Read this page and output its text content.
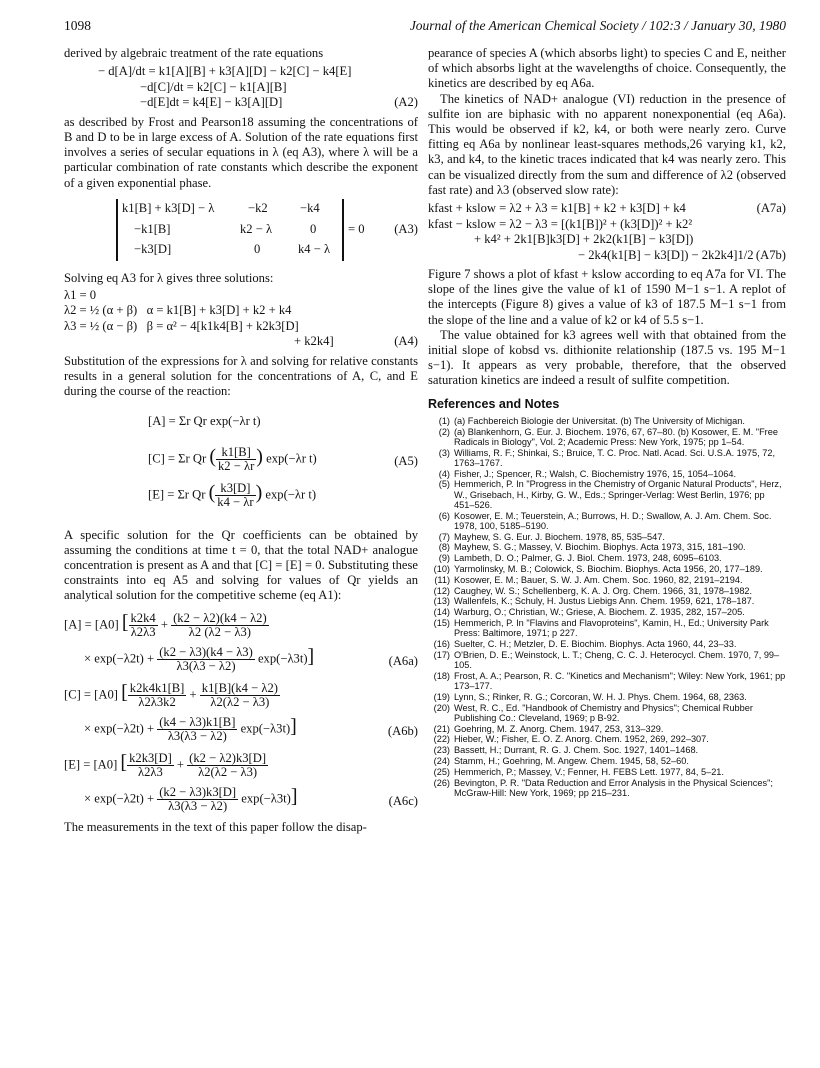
1098	Journal of the American Chemical Society / 102:3 / January 30, 1980

derived by algebraic treatment of the rate equations

− d[A]/dt = k1[A][B] + k3[A][D] − k2[C] − k4[E]
−d[C]/dt = k2[C] − k1[A][B]
−d[E]dt = k4[E] − k3[A][D]	(A2)

as described by Frost and Pearson18 assuming the concentrations of B and D to be in large excess of A. Solution of the rate equations first involves a series of secular equations in λ (eq A3), where λ will be a particular combination of rate constants which describe the exponent of a given exponential phase.

k1[B] + k3[D] − λ	−k2	−k4
−k1[B]	k2 − λ	0
−k3[D]	0	k4 − λ
= 0 (A3)

Solving eq A3 for λ gives three solutions:

λ1 = 0
λ2 = ½ (α + β)   α = k1[B] + k3[D] + k2 + k4
λ3 = ½ (α − β)   β = α² − 4[k1k4[B] + k2k3[D]
+ k2k4]	(A4)

Substitution of the expressions for λ and solving for relative constants results in a general solution for the concentrations of A, C, and E during the course of the reaction:

[A] = Σr Qr exp(−λr t)
[C] = Σr Qr ( $\frac{k1[B]}{k2 - \lambda r}$ ) exp(−λr t)	(A5)
[E] = Σr Qr ( $\frac{k3[D]}{k4 - \lambda r}$ ) exp(−λr t)

A specific solution for the Qr coefficients can be obtained by assuming the conditions at time t = 0, that the total NAD+ analogue concentration is present as A and that [C] = [E] = 0. Substituting these constraints into eq A5 and solving for values of Qr yields an analytical solution for the competitive scheme (eq A1):

[A] = [A0] [ $\frac{k2k4}{\lambda 2\lambda 3} + \frac{(k2 - \lambda 2)(k4 - \lambda 2)}{\lambda 2 (\lambda 2 - \lambda 3)}$
× $\exp(-\lambda 2t) + \frac{(k2 - \lambda 3)(k4 - \lambda 3)}{\lambda 3(\lambda 3 - \lambda 2)} \exp(-\lambda 3t)$]	(A6a)
[C] = [A0] [ $\frac{k2k4k1[B]}{\lambda 2\lambda 3k2} + \frac{k1[B](k4 - \lambda 2)}{\lambda 2(\lambda 2 - \lambda 3)}$
× $\exp(-\lambda 2t) + \frac{(k4 - \lambda 3)k1[B]}{\lambda 3(\lambda 3 - \lambda 2)} \exp(-\lambda 3t)$]	(A6b)
[E] = [A0] [ $\frac{k2k3[D]}{\lambda 2\lambda 3} + \frac{(k2 - \lambda 2)k3[D]}{\lambda 2(\lambda 2 - \lambda 3)}$
× $\exp(-\lambda 2t) + \frac{(k2 - \lambda 3)k3[D]}{\lambda 3(\lambda 3 - \lambda 2)} \exp(-\lambda 3t)$]	(A6c)

The measurements in the text of this paper follow the disap-

pearance of species A (which absorbs light) to species C and E, neither of which absorbs light at the wavelengths of choice. Consequently, the kinetics are described by eq A6a.

The kinetics of NAD+ analogue (VI) reduction in the presence of sulfite ion are biphasic with no apparent nonexponential (eq A6a). This would be observed if k2, k4, or both were nearly zero. Curve fitting eq A6a by nonlinear least-squares methods,26 varying k1, k2, k3, and k4, to the kinetic traces indicated that k4 was nearly zero. This can be visualized directly from the sum and difference of λ2 (observed fast rate) and λ3 (observed slow rate):

kfast + kslow = λ2 + λ3 = k1[B] + k2 + k3[D] + k4	(A7a)
kfast − kslow = λ2 − λ3 = [(k1[B])² + (k3[D])² + k2²
+ k4² + 2k1[B]k3[D] + 2k2(k1[B] − k3[D])
− 2k4(k1[B] − k3[D]) − 2k2k4]1/2 (A7b)

Figure 7 shows a plot of kfast + kslow according to eq A7a for VI. The slope of the lines give the value of k1 of 1590 M−1 s−1. A replot of the intercepts (Figure 8) gives a value of k3 of 187.5 M−1 s−1 from the slope of the line and a value of k2 or k4 of 5.5 s−1.

The value obtained for k3 agrees well with that obtained from the initial slope of kobsd vs. dithionite relationship (187.5 vs. 195 M−1 s−1). It appears as very probable, therefore, that the observed saturation kinetics are indeed a result of sulfite competition.

References and Notes
(1) (a) Fachbereich Biologie der Universitat. (b) The University of Michigan.
(2) (a) Blankenhorn, G. Eur. J. Biochem. 1976, 67, 67–80. (b) Kosower, E. M. "Free Radicals in Biology", Vol. 2; Academic Press: New York, 1975; pp 1–54.
(3) Williams, R. F.; Shinkai, S.; Bruice, T. C. Proc. Natl. Acad. Sci. U.S.A. 1975, 72, 1763–1767.
(4) Fisher, J.; Spencer, R.; Walsh, C. Biochemistry 1976, 15, 1054–1064.
(5) Hemmerich, P. In "Progress in the Chemistry of Organic Natural Products", Herz, W., Grisebach, H., Kirby, G. W., Eds.; Springer-Verlag: West Berlin, 1976; pp 451–526.
(6) Kosower, E. M.; Teuerstein, A.; Burrows, H. D.; Swallow, A. J. Am. Chem. Soc. 1978, 100, 5185–5190.
(7) Mayhew, S. G. Eur. J. Biochem. 1978, 85, 535–547.
(8) Mayhew, S. G.; Massey, V. Biochim. Biophys. Acta 1973, 315, 181–190.
(9) Lambeth, D. O.; Palmer, G. J. Biol. Chem. 1973, 248, 6095–6103.
(10) Yarmolinsky, M. B.; Colowick, S. Biochim. Biophys. Acta 1956, 20, 177–189.
(11) Kosower, E. M.; Bauer, S. W. J. Am. Chem. Soc. 1960, 82, 2191–2194.
(12) Caughey, W. S.; Schellenberg, K. A. J. Org. Chem. 1966, 31, 1978–1982.
(13) Wallenfels, K.; Schuly, H. Justus Liebigs Ann. Chem. 1959, 621, 178–187.
(14) Warburg, O.; Christian, W.; Griese, A. Biochem. Z. 1935, 282, 157–205.
(15) Hemmerich, P. In "Flavins and Flavoproteins", Kamin, H., Ed.; University Park Press: Baltimore, 1971; p 227.
(16) Suelter, C. H.; Metzler, D. E. Biochim. Biophys. Acta 1960, 44, 23–33.
(17) O'Brien, D. E.; Weinstock, L. T.; Cheng, C. C. J. Heterocycl. Chem. 1970, 7, 99–105.
(18) Frost, A. A.; Pearson, R. C. "Kinetics and Mechanism"; Wiley: New York, 1961; pp 173–177.
(19) Lynn, S.; Rinker, R. G.; Corcoran, W. H. J. Phys. Chem. 1964, 68, 2363.
(20) West, R. C., Ed. "Handbook of Chemistry and Physics"; Chemical Rubber Publishing Co.: Cleveland, 1969; p B-92.
(21) Goehring, M. Z. Anorg. Chem. 1947, 253, 313–329.
(22) Hieber, W.; Fisher, E. O. Z. Anorg. Chem. 1952, 269, 292–307.
(23) Bassett, H.; Durrant, R. G. J. Chem. Soc. 1927, 1401–1468.
(24) Stamm, H.; Goehring, M. Angew. Chem. 1945, 58, 52–60.
(25) Hemmerich, P.; Massey, V.; Fenner, H. FEBS Lett. 1977, 84, 5–21.
(26) Bevington, P. R. "Data Reduction and Error Analysis in the Physical Sciences"; McGraw-Hill: New York, 1969; pp 215–231.
